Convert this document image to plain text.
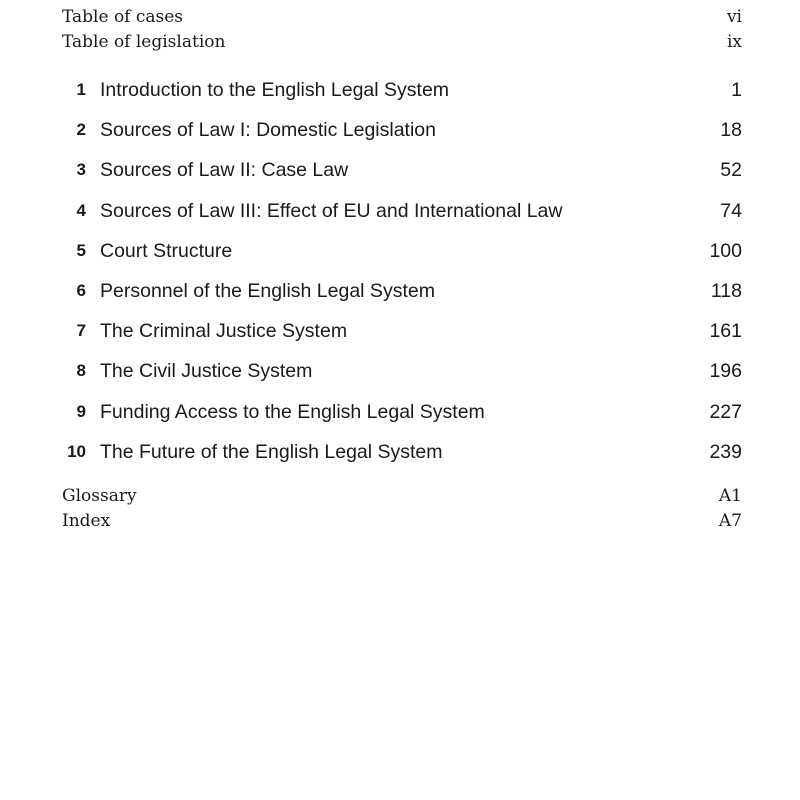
Table of cases	vi
Table of legislation	ix
1 Introduction to the English Legal System	1
2 Sources of Law I: Domestic Legislation	18
3 Sources of Law II: Case Law	52
4 Sources of Law III: Effect of EU and International Law	74
5 Court Structure	100
6 Personnel of the English Legal System	118
7 The Criminal Justice System	161
8 The Civil Justice System	196
9 Funding Access to the English Legal System	227
10 The Future of the English Legal System	239
Glossary	A1
Index	A7
